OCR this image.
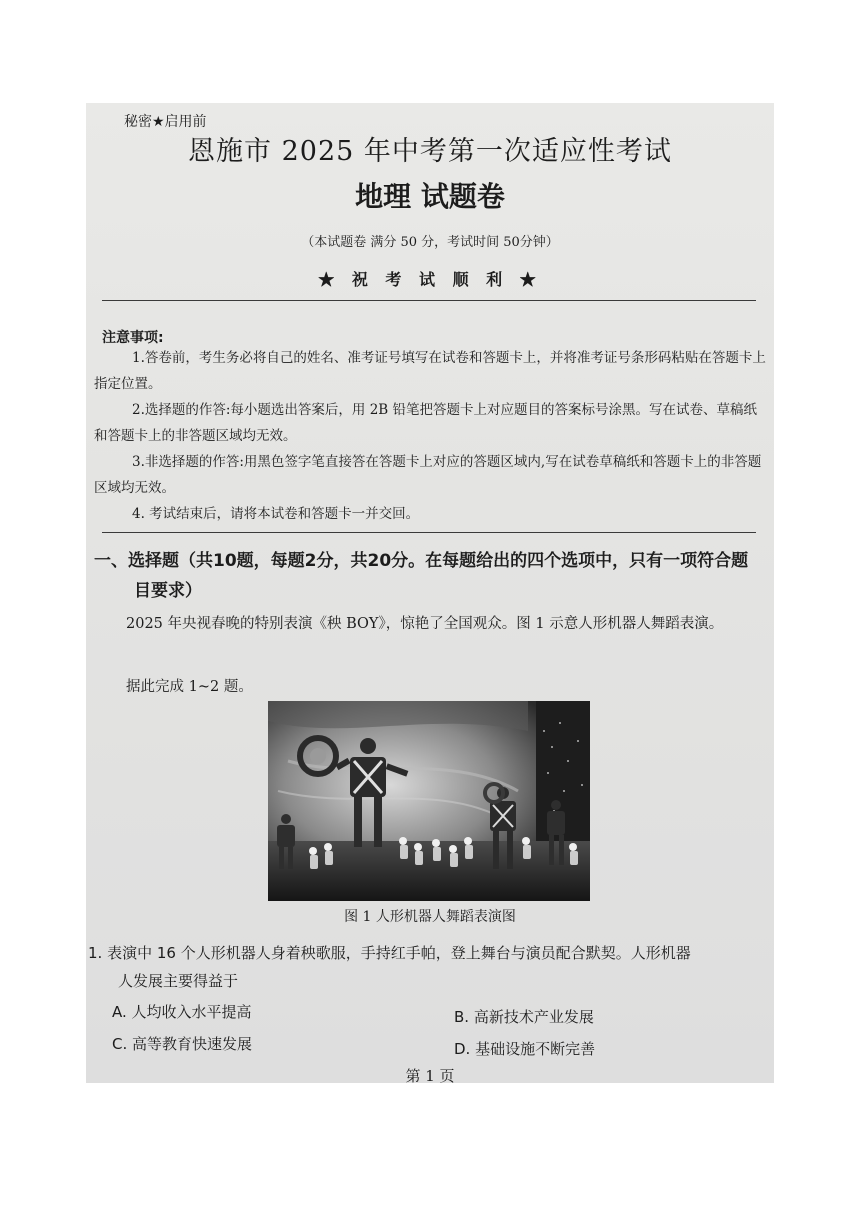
秘密★启用前
恩施市 2025 年中考第一次适应性考试
地理 试题卷
（本试题卷 满分 50 分，考试时间 50分钟）
★ 祝 考 试 顺 利 ★
注意事项:
1.答卷前，考生务必将自己的姓名、准考证号填写在试卷和答题卡上，并将准考证号条形码粘贴在答题卡上指定位置。
2.选择题的作答:每小题选出答案后，用 2B 铅笔把答题卡上对应题目的答案标号涂黑。写在试卷、草稿纸和答题卡上的非答题区域均无效。
3.非选择题的作答:用黑色签字笔直接答在答题卡上对应的答题区域内,写在试卷草稿纸和答题卡上的非答题区域均无效。
4. 考试结束后，请将本试卷和答题卡一并交回。
一、选择题（共10题，每题2分，共20分。在每题给出的四个选项中，只有一项符合题
目要求）
2025 年央视春晚的特别表演《秧 BOY》，惊艳了全国观众。图 1 示意人形机器人舞蹈表演。
据此完成 1~2 题。
图 1 人形机器人舞蹈表演图
1. 表演中 16 个人形机器人身着秧歌服，手持红手帕，登上舞台与演员配合默契。人形机器
人发展主要得益于
A. 人均收入水平提高	B. 高新技术产业发展
C. 高等教育快速发展	D. 基础设施不断完善
第 1 页
